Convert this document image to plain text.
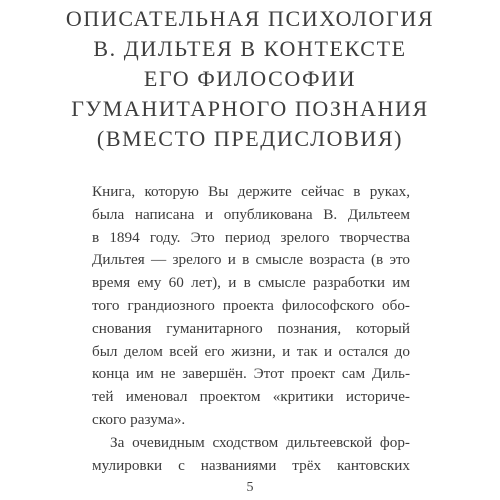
ОПИСАТЕЛЬНАЯ ПСИХОЛОГИЯ
В. ДИЛЬТЕЯ В КОНТЕКСТЕ
ЕГО ФИЛОСОФИИ
ГУМАНИТАРНОГО ПОЗНАНИЯ
(ВМЕСТО ПРЕДИСЛОВИЯ)

Книга, которую Вы держите сейчас в руках,
была написана и опубликована В. Дильтеем
в 1894 году. Это период зрелого творчества
Дильтея — зрелого и в смысле возраста (в это
время ему 60 лет), и в смысле разработки им
того грандиозного проекта философского обо-
снования гуманитарного познания, который
был делом всей его жизни, и так и остался до
конца им не завершён. Этот проект сам Диль-
тей именовал проектом «критики историче-
ского разума».

За очевидным сходством дильтеевской фор-
мулировки с названиями трёх кантовских

5
